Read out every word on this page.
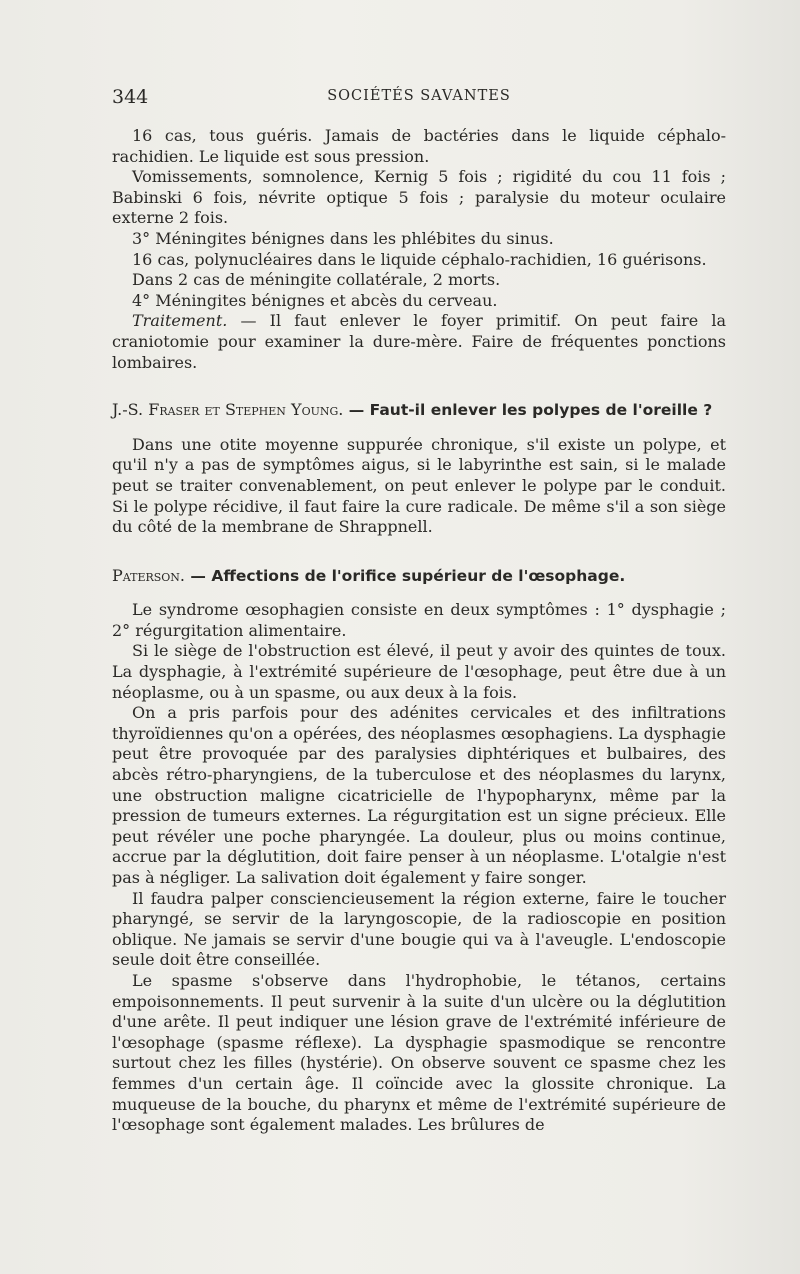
344	SOCIÉTÉS SAVANTES

16 cas, tous guéris. Jamais de bactéries dans le liquide céphalo-rachidien. Le liquide est sous pression.

Vomissements, somnolence, Kernig 5 fois ; rigidité du cou 11 fois ; Babinski 6 fois, névrite optique 5 fois ; paralysie du moteur oculaire externe 2 fois.

3° Méningites bénignes dans les phlébites du sinus.

16 cas, polynucléaires dans le liquide céphalo-rachidien, 16 guérisons.

Dans 2 cas de méningite collatérale, 2 morts.

4° Méningites bénignes et abcès du cerveau.

Traitement. — Il faut enlever le foyer primitif. On peut faire la craniotomie pour examiner la dure-mère. Faire de fréquentes ponctions lombaires.

J.-S. Fraser et Stephen Young. — Faut-il enlever les polypes de l'oreille ?

Dans une otite moyenne suppurée chronique, s'il existe un polype, et qu'il n'y a pas de symptômes aigus, si le labyrinthe est sain, si le malade peut se traiter convenablement, on peut enlever le polype par le conduit. Si le polype récidive, il faut faire la cure radicale. De même s'il a son siège du côté de la membrane de Shrappnell.

Paterson. — Affections de l'orifice supérieur de l'œsophage.

Le syndrome œsophagien consiste en deux symptômes : 1° dysphagie ; 2° régurgitation alimentaire.

Si le siège de l'obstruction est élevé, il peut y avoir des quintes de toux. La dysphagie, à l'extrémité supérieure de l'œsophage, peut être due à un néoplasme, ou à un spasme, ou aux deux à la fois.

On a pris parfois pour des adénites cervicales et des infiltrations thyroïdiennes qu'on a opérées, des néoplasmes œsophagiens. La dysphagie peut être provoquée par des paralysies diphtériques et bulbaires, des abcès rétro-pharyngiens, de la tuberculose et des néoplasmes du larynx, une obstruction maligne cicatricielle de l'hypopharynx, même par la pression de tumeurs externes. La régurgitation est un signe précieux. Elle peut révéler une poche pharyngée. La douleur, plus ou moins continue, accrue par la déglutition, doit faire penser à un néoplasme. L'otalgie n'est pas à négliger. La salivation doit également y faire songer.

Il faudra palper consciencieusement la région externe, faire le toucher pharyngé, se servir de la laryngoscopie, de la radioscopie en position oblique. Ne jamais se servir d'une bougie qui va à l'aveugle. L'endoscopie seule doit être conseillée.

Le spasme s'observe dans l'hydrophobie, le tétanos, certains empoisonnements. Il peut survenir à la suite d'un ulcère ou la déglutition d'une arête. Il peut indiquer une lésion grave de l'extrémité inférieure de l'œsophage (spasme réflexe). La dysphagie spasmodique se rencontre surtout chez les filles (hystérie). On observe souvent ce spasme chez les femmes d'un certain âge. Il coïncide avec la glossite chronique. La muqueuse de la bouche, du pharynx et même de l'extrémité supérieure de l'œsophage sont également malades. Les brûlures de
